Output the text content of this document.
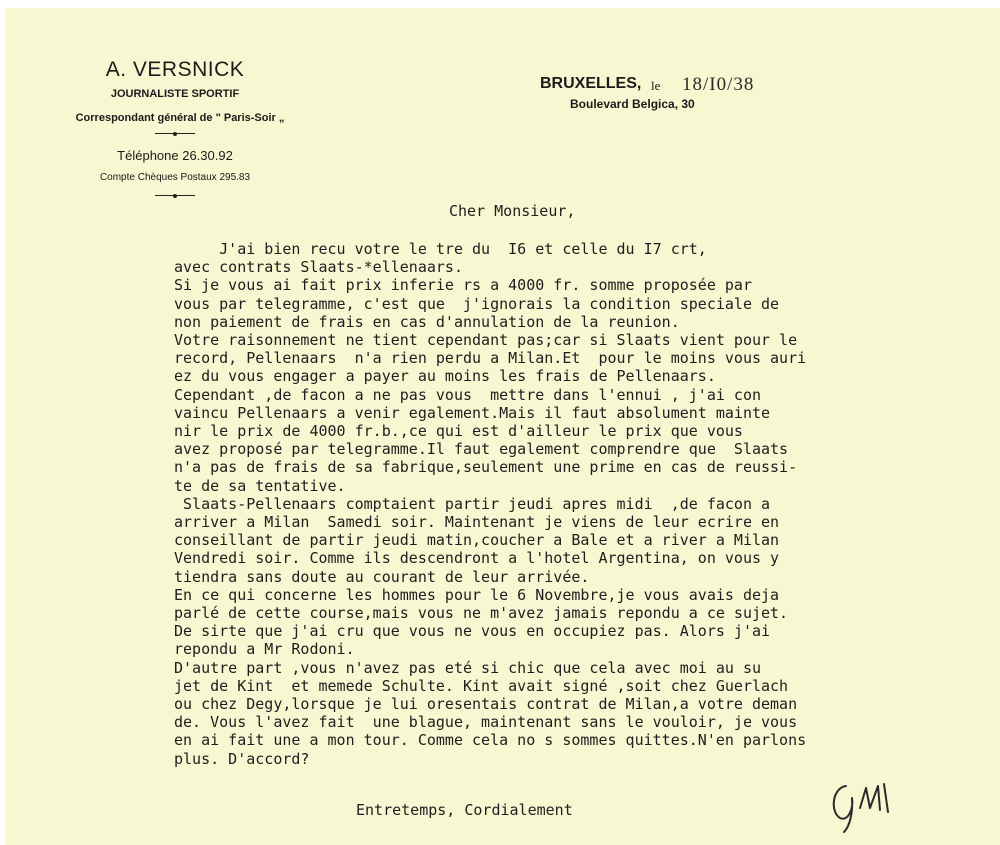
A. VERSNICK
JOURNALISTE SPORTIF
Correspondant général de " Paris-Soir „
Téléphone 26.30.92
Compte Chèques Postaux 295.83
BRUXELLES, le 18/I0/38
Boulevard Belgica, 30
Cher Monsieur,
J'ai bien recu votre le tre du  I6 et celle du I7 crt,
avec contrats Slaats-*ellenaars.
Si je vous ai fait prix inferie rs a 4000 fr. somme proposée par
vous par telegramme, c'est que  j'ignorais la condition speciale de
non paiement de frais en cas d'annulation de la reunion.
Votre raisonnement ne tient cependant pas;car si Slaats vient pour le
record, Pellenaars  n'a rien perdu a Milan.Et  pour le moins vous auri
ez du vous engager a payer au moins les frais de Pellenaars.
Cependant ,de facon a ne pas vous  mettre dans l'ennui , j'ai con
vaincu Pellenaars a venir egalement.Mais il faut absolument mainte
nir le prix de 4000 fr.b.,ce qui est d'ailleur le prix que vous
avez proposé par telegramme.Il faut egalement comprendre que  Slaats
n'a pas de frais de sa fabrique,seulement une prime en cas de reussi-
te de sa tentative.
Slaats-Pellenaars comptaient partir jeudi apres midi  ,de facon a
arriver a Milan  Samedi soir. Maintenant je viens de leur ecrire en
conseillant de partir jeudi matin,coucher a Bale et a river a Milan
Vendredi soir. Comme ils descendront a l'hotel Argentina, on vous y
tiendra sans doute au courant de leur arrivée.
En ce qui concerne les hommes pour le 6 Novembre,je vous avais deja
parlé de cette course,mais vous ne m'avez jamais repondu a ce sujet.
De sirte que j'ai cru que vous ne vous en occupiez pas. Alors j'ai
repondu a Mr Rodoni.
D'autre part ,vous n'avez pas eté si chic que cela avec moi au su
jet de Kint  et memede Schulte. Kint avait signé ,soit chez Guerlach
ou chez Degy,lorsque je lui oresentais contrat de Milan,a votre deman
de. Vous l'avez fait  une blague, maintenant sans le vouloir, je vous
en ai fait une a mon tour. Comme cela no s sommes quittes.N'en parlons
plus. D'accord?
Entretemps, Cordialement
